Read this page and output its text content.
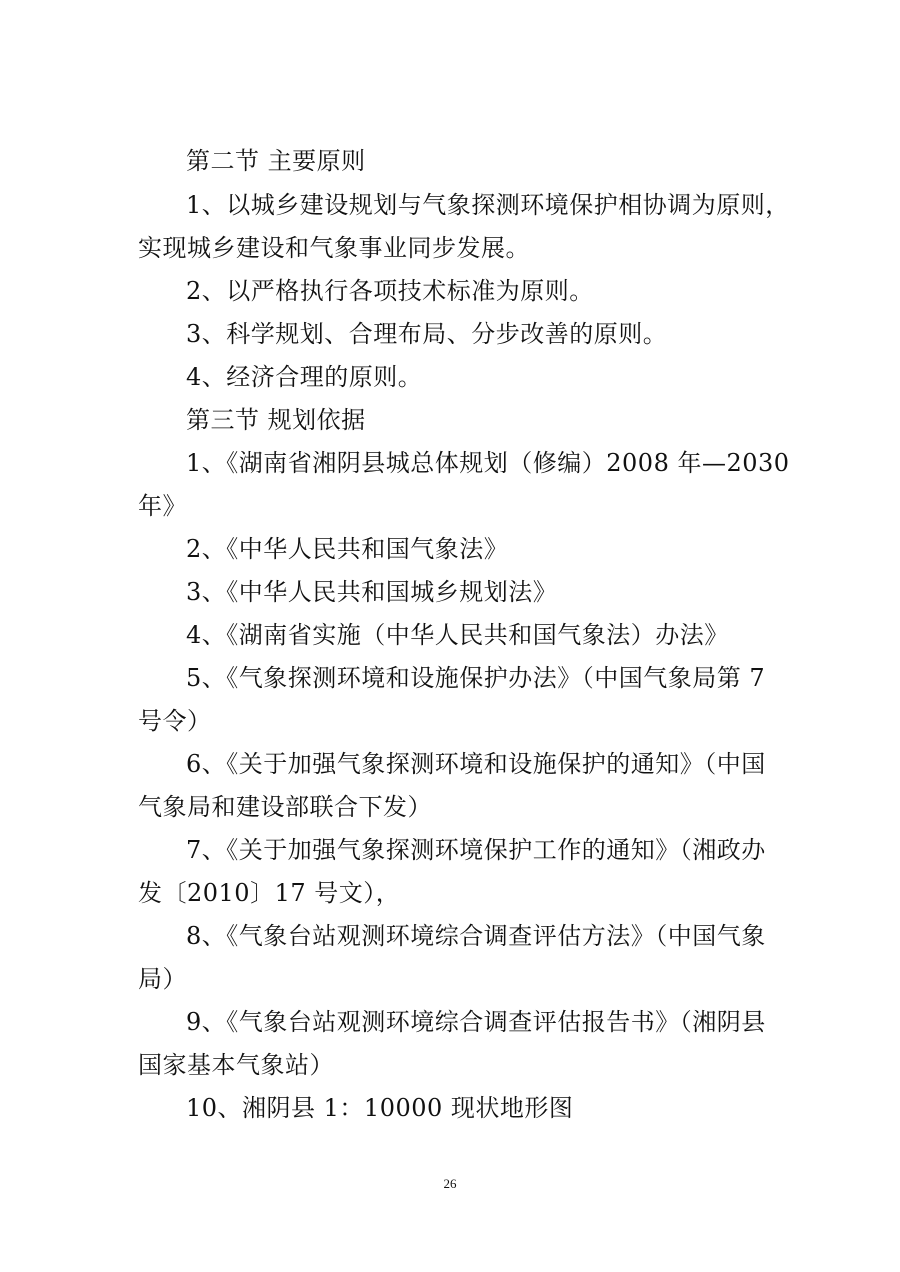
第二节 主要原则
1、以城乡建设规划与气象探测环境保护相协调为原则，
实现城乡建设和气象事业同步发展。
2、以严格执行各项技术标准为原则。
3、科学规划、合理布局、分步改善的原则。
4、经济合理的原则。
第三节 规划依据
1、《湖南省湘阴县城总体规划（修编）2008 年—2030
年》
2、《中华人民共和国气象法》
3、《中华人民共和国城乡规划法》
4、《湖南省实施（中华人民共和国气象法）办法》
5、《气象探测环境和设施保护办法》（中国气象局第 7
号令）
6、《关于加强气象探测环境和设施保护的通知》（中国
气象局和建设部联合下发）
7、《关于加强气象探测环境保护工作的通知》（湘政办
发〔2010〕17 号文），
8、《气象台站观测环境综合调查评估方法》（中国气象
局）
9、《气象台站观测环境综合调查评估报告书》（湘阴县
国家基本气象站）
10、湘阴县 1：10000 现状地形图
26
